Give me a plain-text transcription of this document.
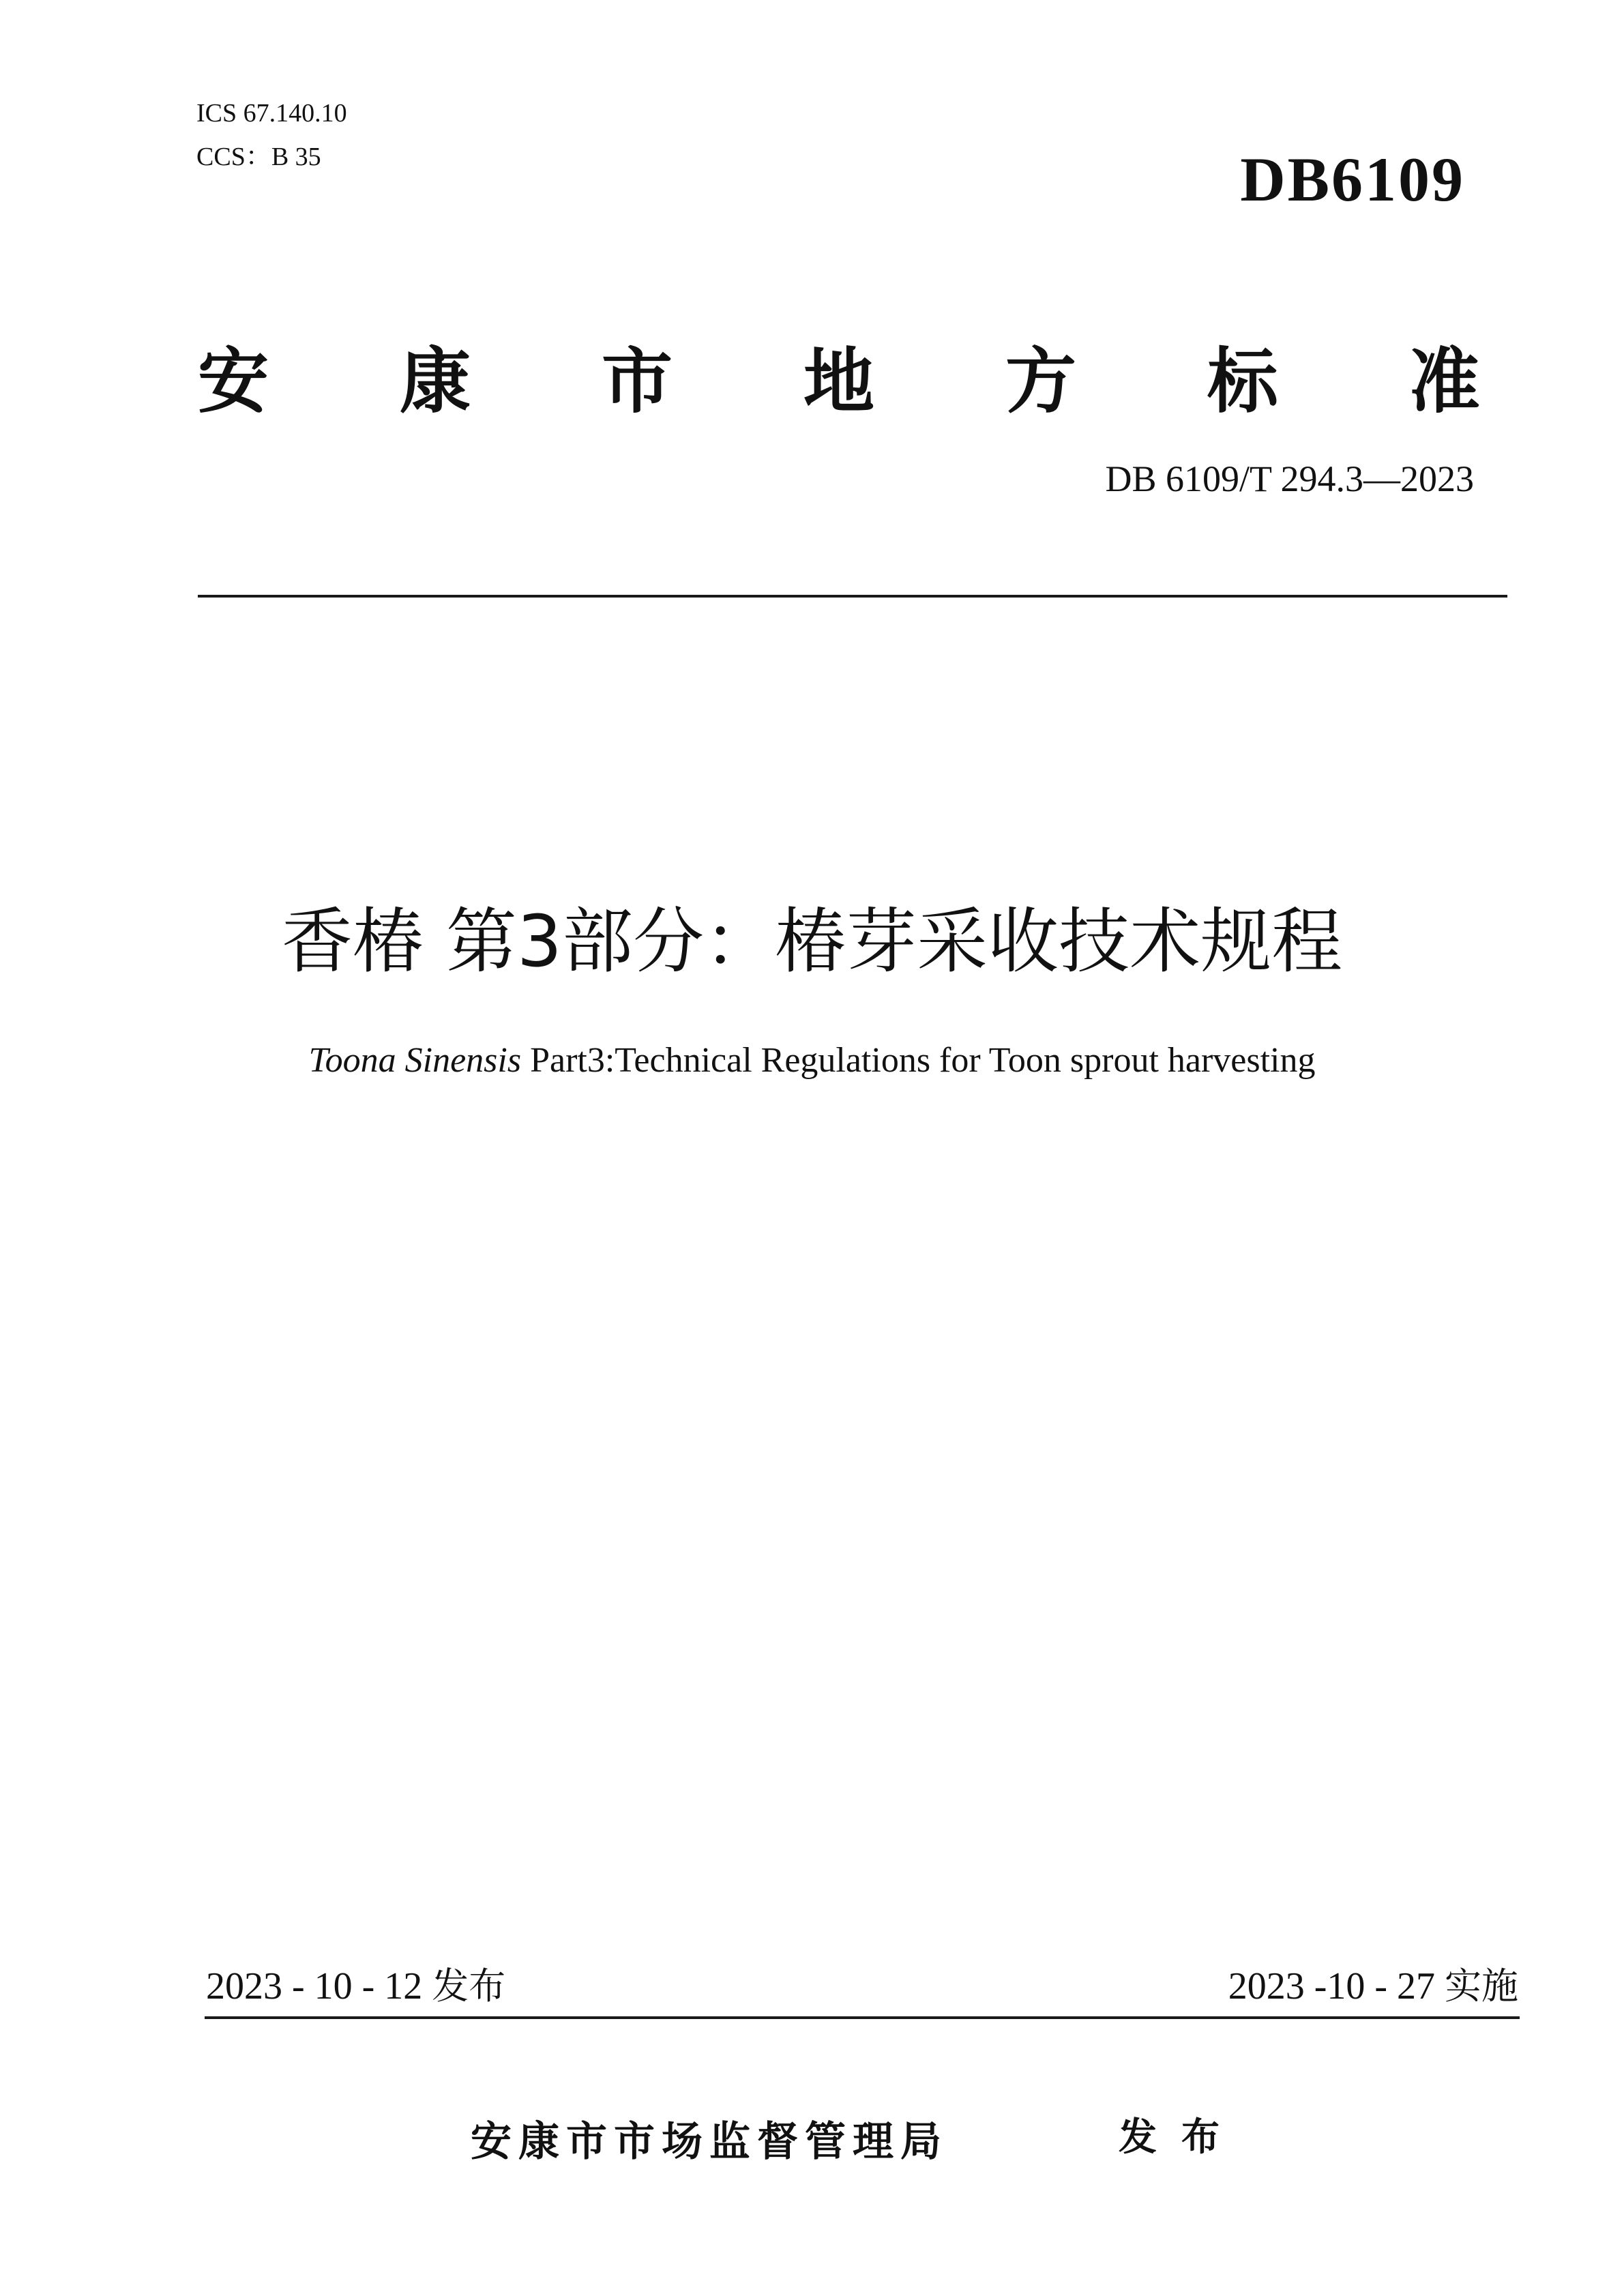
ICS 67.140.10
CCS：B 35	DB6109
安 康 市 地 方 标 准
DB 6109/T 294.3—2023
香椿 第3部分：椿芽采收技术规程
Toona Sinensis Part3:Technical Regulations for Toon sprout harvesting
2023 - 10 - 12 发布	2023 -10 - 27 实施
安康市市场监督管理局	发布
